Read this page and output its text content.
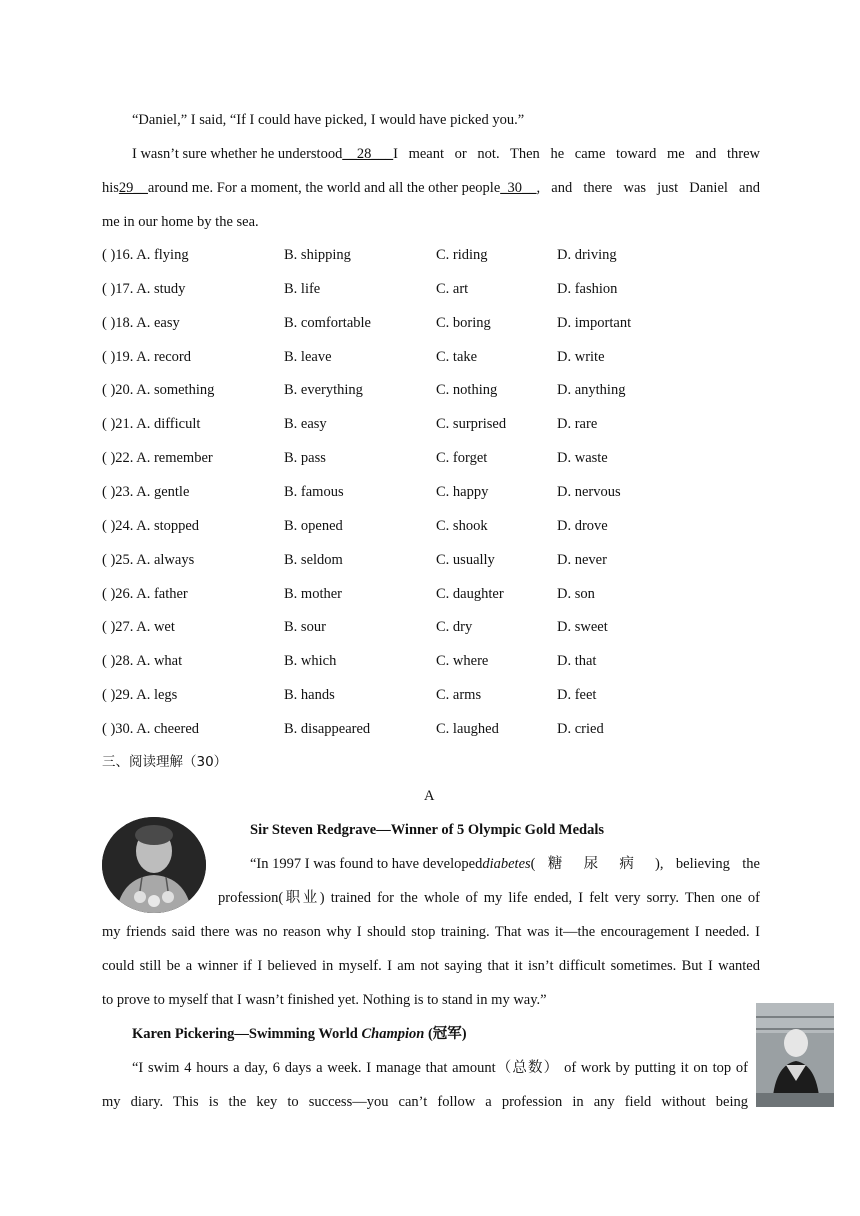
“Daniel,” I said, “If I could have picked, I would have picked you.”
I wasn’t sure whether he understood __28___ I meant or not. Then he came toward me and threw
his 29__ around me. For a moment, the world and all the other people _30__ , and there was just Daniel and
me in our home by the sea.
( )16. A. flying	B. shipping	C. riding	D. driving
( )17. A. study	B. life	C. art	D. fashion
( )18. A. easy	B. comfortable	C. boring	D. important
( )19. A. record	B. leave	C. take	D. write
( )20. A. something	B. everything	C. nothing	D. anything
( )21. A. difficult	B. easy	C. surprised	D. rare
( )22. A. remember	B. pass	C. forget	D. waste
( )23. A. gentle	B. famous	C. happy	D. nervous
( )24. A. stopped	B. opened	C. shook	D. drove
( )25. A. always	B. seldom	C. usually	D. never
( )26. A. father	B. mother	C. daughter	D. son
( )27. A. wet	B. sour	C. dry	D. sweet
( )28. A. what	B. which	C. where	D. that
( )29. A. legs	B. hands	C. arms	D. feet
( )30. A. cheered	B. disappeared	C. laughed	D. cried
三、阅读理解（30）
A
Sir Steven Redgrave—Winner of 5 Olympic Gold Medals
“In 1997 I was found to have developed diabetes ( 糖 尿 病 ), believing the
profession(职业) trained for the whole of my life ended, I felt very sorry. Then one of
my friends said there was no reason why I should stop training. That was it—the encouragement I needed. I
could still be a winner if I believed in myself. I am not saying that it isn’t difficult sometimes. But I wanted
to prove to myself that I wasn’t finished yet. Nothing is to stand in my way.”
Karen Pickering—Swimming World Champion (冠军)
“I swim 4 hours a day, 6 days a week. I manage that amount（总数） of work by putting it on top of
my diary. This is the key to success—you can’t follow a profession in any field without being
